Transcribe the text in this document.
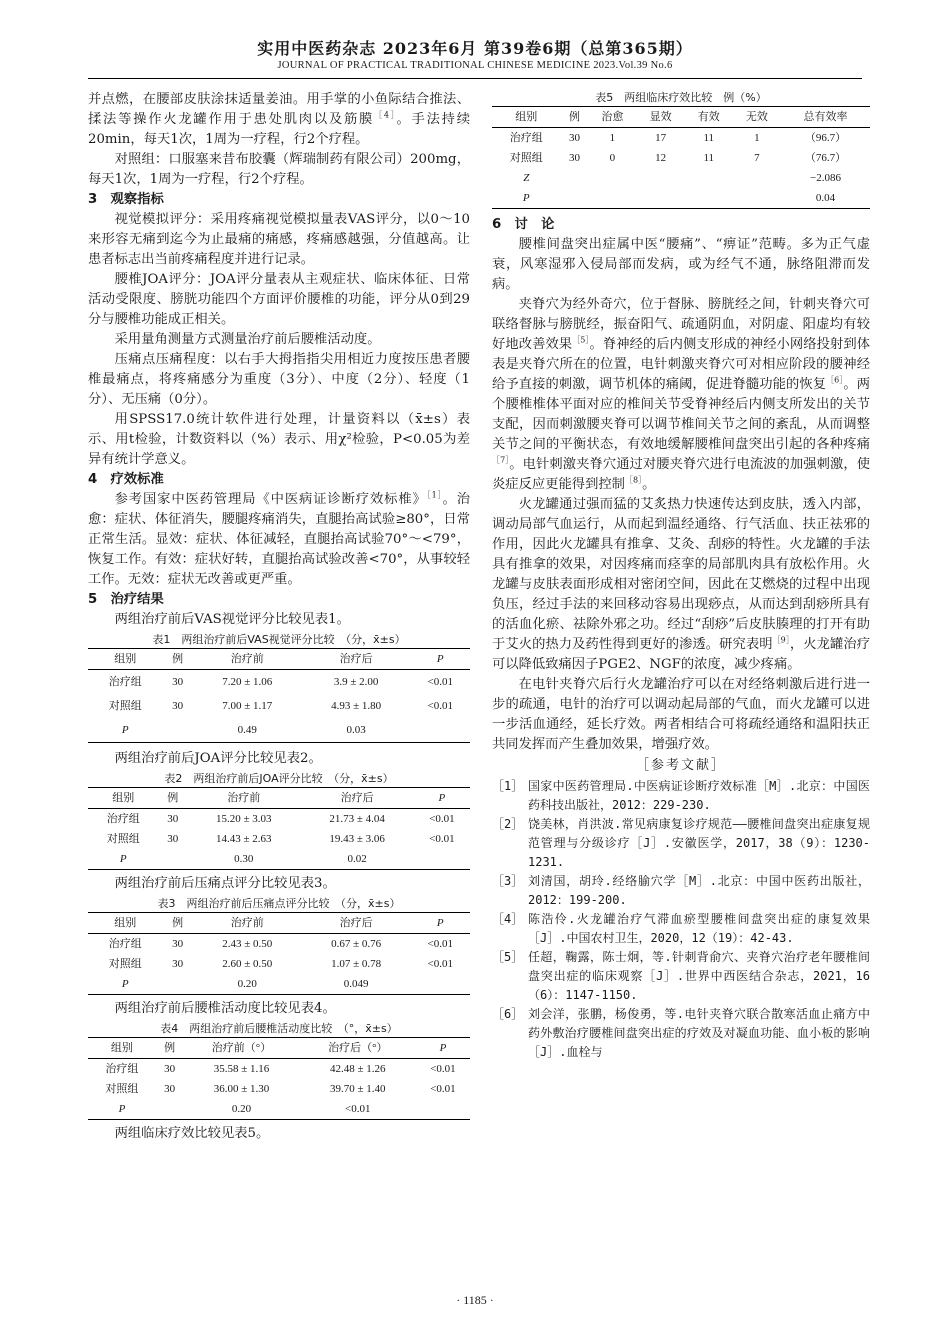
实用中医药杂志 2023年6月 第39卷6期（总第365期）
JOURNAL OF PRACTICAL TRADITIONAL CHINESE MEDICINE 2023.Vol.39 No.6

并点燃，在腰部皮肤涂抹适量姜油。用手掌的小鱼际结合推法、揉法等操作火龙罐作用于患处肌肉以及筋膜$^{[4]}$。手法持续20min，每天1次，1周为一疗程，行2个疗程。

对照组：口服塞来昔布胶囊（辉瑞制药有限公司）200mg，每天1次，1周为一疗程，行2个疗程。

3　观察指标

视觉模拟评分：采用疼痛视觉模拟量表VAS评分，以0～10来形容无痛到迄今为止最痛的痛感，疼痛感越强，分值越高。让患者标志出当前疼痛程度并进行记录。

腰椎JOA评分：JOA评分量表从主观症状、临床体征、日常活动受限度、膀胱功能四个方面评价腰椎的功能，评分从0到29分与腰椎功能成正相关。

采用量角测量方式测量治疗前后腰椎活动度。

压痛点压痛程度：以右手大拇指指尖用相近力度按压患者腰椎最痛点，将疼痛感分为重度（3分）、中度（2分）、轻度（1分）、无压痛（0分）。

用SPSS17.0统计软件进行处理，计量资料以（x̄±s）表示、用t检验，计数资料以（%）表示、用χ²检验，P<0.05为差异有统计学意义。

4　疗效标准

参考国家中医药管理局《中医病证诊断疗效标椎》$^{[1]}$。治愈：症状、体征消失，腰腿疼痛消失，直腿抬高试验≥80°，日常正常生活。显效：症状、体征减轻，直腿抬高试验70°～<79°，恢复工作。有效：症状好转，直腿抬高试验改善<70°，从事较轻工作。无效：症状无改善或更严重。

5　治疗结果

两组治疗前后VAS视觉评分比较见表1。

表1　两组治疗前后VAS视觉评分比较　（分，x̄±s）
组别	例	治疗前	治疗后	P
治疗组	30	7.20 ± 1.06	3.9 ± 2.00	<0.01
对照组	30	7.00 ± 1.17	4.93 ± 1.80	<0.01
P		0.49	0.03	

两组治疗前后JOA评分比较见表2。

表2　两组治疗前后JOA评分比较　（分，x̄±s）
组别	例	治疗前	治疗后	P
治疗组	30	15.20 ± 3.03	21.73 ± 4.04	<0.01
对照组	30	14.43 ± 2.63	19.43 ± 3.06	<0.01
P		0.30	0.02	

两组治疗前后压痛点评分比较见表3。

表3　两组治疗前后压痛点评分比较　（分，x̄±s）
组别	例	治疗前	治疗后	P
治疗组	30	2.43 ± 0.50	0.67 ± 0.76	<0.01
对照组	30	2.60 ± 0.50	1.07 ± 0.78	<0.01
P		0.20	0.049	

两组治疗前后腰椎活动度比较见表4。

表4　两组治疗前后腰椎活动度比较　（°，x̄±s）
组别	例	治疗前（°）	治疗后（°）	P
治疗组	30	35.58 ± 1.16	42.48 ± 1.26	<0.01
对照组	30	36.00 ± 1.30	39.70 ± 1.40	<0.01
P		0.20	<0.01	

两组临床疗效比较见表5。

表5　两组临床疗效比较　例（%）
组别	例	治愈	显效	有效	无效	总有效率
治疗组	30	1	17	11	1	（96.7）
对照组	30	0	12	11	7	（76.7）
Z						−2.086
P						0.04
6　讨　论

腰椎间盘突出症属中医“腰痛”、“痹证”范畴。多为正气虚衰，风寒湿邪入侵局部而发病，或为经气不通，脉络阻滞而发病。

夹脊穴为经外奇穴，位于督脉、膀胱经之间，针刺夹脊穴可联络督脉与膀胱经，振奋阳气、疏通阴血，对阴虚、阳虚均有较好地改善效果$^{[5]}$。脊神经的后内侧支形成的神经小网络投射到体表是夹脊穴所在的位置，电针刺激夹脊穴可对相应阶段的腰神经给予直接的刺激，调节机体的痛阈，促进脊髓功能的恢复$^{[6]}$。两个腰椎椎体平面对应的椎间关节受脊神经后内侧支所发出的关节支配，因而刺激腰夹脊可以调节椎间关节之间的紊乱，从而调整关节之间的平衡状态，有效地缓解腰椎间盘突出引起的各种疼痛$^{[7]}$。电针刺激夹脊穴通过对腰夹脊穴进行电流波的加强刺激，使炎症反应更能得到控制$^{[8]}$。

火龙罐通过强而猛的艾炙热力快速传达到皮肤，透入内部，调动局部气血运行，从而起到温经通络、行气活血、扶正祛邪的作用，因此火龙罐具有推拿、艾灸、刮痧的特性。火龙罐的手法具有推拿的效果，对因疼痛而痉挛的局部肌肉具有放松作用。火龙罐与皮肤表面形成相对密闭空间，因此在艾燃烧的过程中出现负压，经过手法的来回移动容易出现痧点，从而达到刮痧所具有的活血化瘀、祛除外邪之功。经过“刮痧”后皮肤腠理的打开有助于艾火的热力及药性得到更好的渗透。研究表明$^{[9]}$，火龙罐治疗可以降低致痛因子PGE2、NGF的浓度，减少疼痛。

在电针夹脊穴后行火龙罐治疗可以在对经络刺激后进行进一步的疏通，电针的治疗可以调动起局部的气血，而火龙罐可以进一步活血通经，延长疗效。两者相结合可将疏经通络和温阳扶正共同发挥而产生叠加效果，增强疗效。

［参考文献］
［1］ 国家中医药管理局.中医病证诊断疗效标准［M］.北京：中国医药科技出版社，2012：229-230.
［2］ 饶美林，肖洪波.常见病康复诊疗规范——腰椎间盘突出症康复规范管理与分级诊疗［J］.安徽医学，2017，38（9）：1230-1231.
［3］ 刘清国，胡玲.经络腧穴学［M］.北京：中国中医药出版社，2012：199-200.
［4］ 陈浩伶.火龙罐治疗气滞血瘀型腰椎间盘突出症的康复效果［J］.中国农村卫生，2020，12（19）：42-43.
［5］ 任超，鞠露，陈士炯，等.针刺背俞穴、夹脊穴治疗老年腰椎间盘突出症的临床观察［J］.世界中西医结合杂志，2021，16（6）：1147-1150.
［6］ 刘会洋，张鹏，杨俊勇，等.电针夹脊穴联合散寒活血止痛方中药外敷治疗腰椎间盘突出症的疗效及对凝血功能、血小板的影响［J］.血栓与
· 1185 ·
